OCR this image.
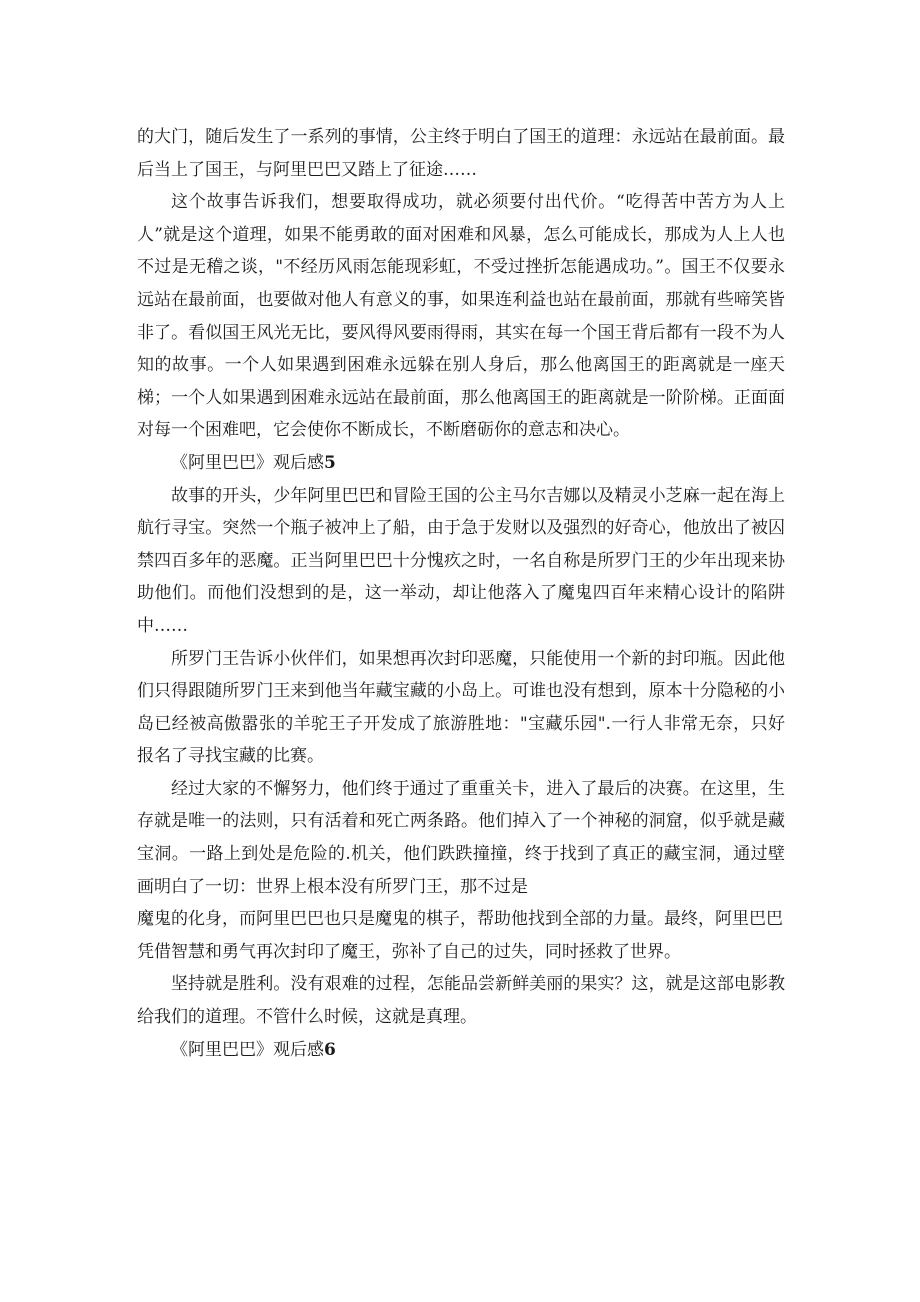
的大门，随后发生了一系列的事情，公主终于明白了国王的道理：永远站在最前面。最后当上了国王，与阿里巴巴又踏上了征途……

这个故事告诉我们，想要取得成功，就必须要付出代价。“吃得苦中苦方为人上人”就是这个道理，如果不能勇敢的面对困难和风暴，怎么可能成长，那成为人上人也不过是无稽之谈，"不经历风雨怎能现彩虹，不受过挫折怎能遇成功。”。国王不仅要永远站在最前面，也要做对他人有意义的事，如果连利益也站在最前面，那就有些啼笑皆非了。看似国王风光无比，要风得风要雨得雨，其实在每一个国王背后都有一段不为人知的故事。一个人如果遇到困难永远躲在别人身后，那么他离国王的距离就是一座天梯；一个人如果遇到困难永远站在最前面，那么他离国王的距离就是一阶阶梯。正面面对每一个困难吧，它会使你不断成长，不断磨砺你的意志和决心。

《阿里巴巴》观后感5

故事的开头，少年阿里巴巴和冒险王国的公主马尔吉娜以及精灵小芝麻一起在海上航行寻宝。突然一个瓶子被冲上了船，由于急于发财以及强烈的好奇心，他放出了被囚禁四百多年的恶魔。正当阿里巴巴十分愧疚之时，一名自称是所罗门王的少年出现来协助他们。而他们没想到的是，这一举动，却让他落入了魔鬼四百年来精心设计的陷阱中……

所罗门王告诉小伙伴们，如果想再次封印恶魔，只能使用一个新的封印瓶。因此他们只得跟随所罗门王来到他当年藏宝藏的小岛上。可谁也没有想到，原本十分隐秘的小岛已经被高傲嚣张的羊驼王子开发成了旅游胜地："宝藏乐园".一行人非常无奈，只好报名了寻找宝藏的比赛。

经过大家的不懈努力，他们终于通过了重重关卡，进入了最后的决赛。在这里，生存就是唯一的法则，只有活着和死亡两条路。他们掉入了一个神秘的洞窟，似乎就是藏宝洞。一路上到处是危险的.机关，他们跌跌撞撞，终于找到了真正的藏宝洞，通过壁画明白了一切：世界上根本没有所罗门王，那不过是

魔鬼的化身，而阿里巴巴也只是魔鬼的棋子，帮助他找到全部的力量。最终，阿里巴巴凭借智慧和勇气再次封印了魔王，弥补了自己的过失，同时拯救了世界。

坚持就是胜利。没有艰难的过程，怎能品尝新鲜美丽的果实？这，就是这部电影教给我们的道理。不管什么时候，这就是真理。

《阿里巴巴》观后感6
